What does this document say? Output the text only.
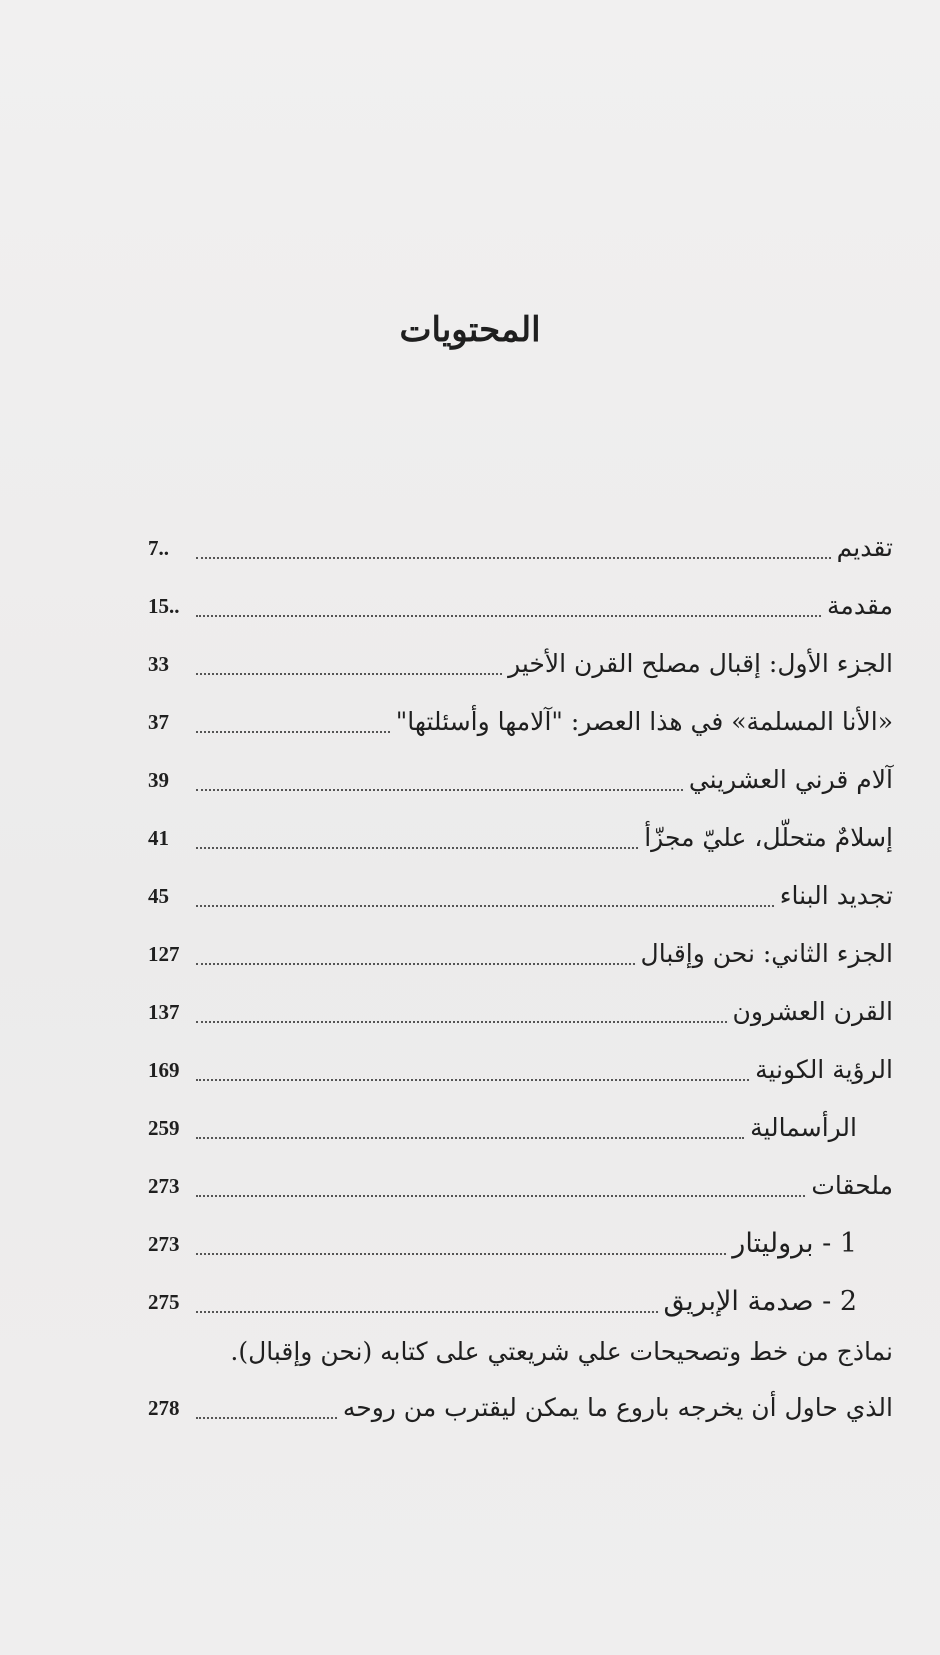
المحتويات
تقديم
7..
مقدمة
15..
الجزء الأول: إقبال مصلح القرن الأخير
33
«الأنا المسلمة» في هذا العصر: "آلامها وأسئلتها"
37
آلام قرني العشريني
39
إسلامٌ متحلّل، عليّ مجزّأ
41
تجديد البناء
45
الجزء الثاني: نحن وإقبال
127
القرن العشرون
137
الرؤية الكونية
169
الرأسمالية
259
ملحقات
273
1 - برولیتار
273
2 - صدمة الإبريق
275
نماذج من خط وتصحيحات علي شريعتي على كتابه (نحن وإقبال).
الذي حاول أن يخرجه باروع ما يمكن ليقترب من روحه
278
